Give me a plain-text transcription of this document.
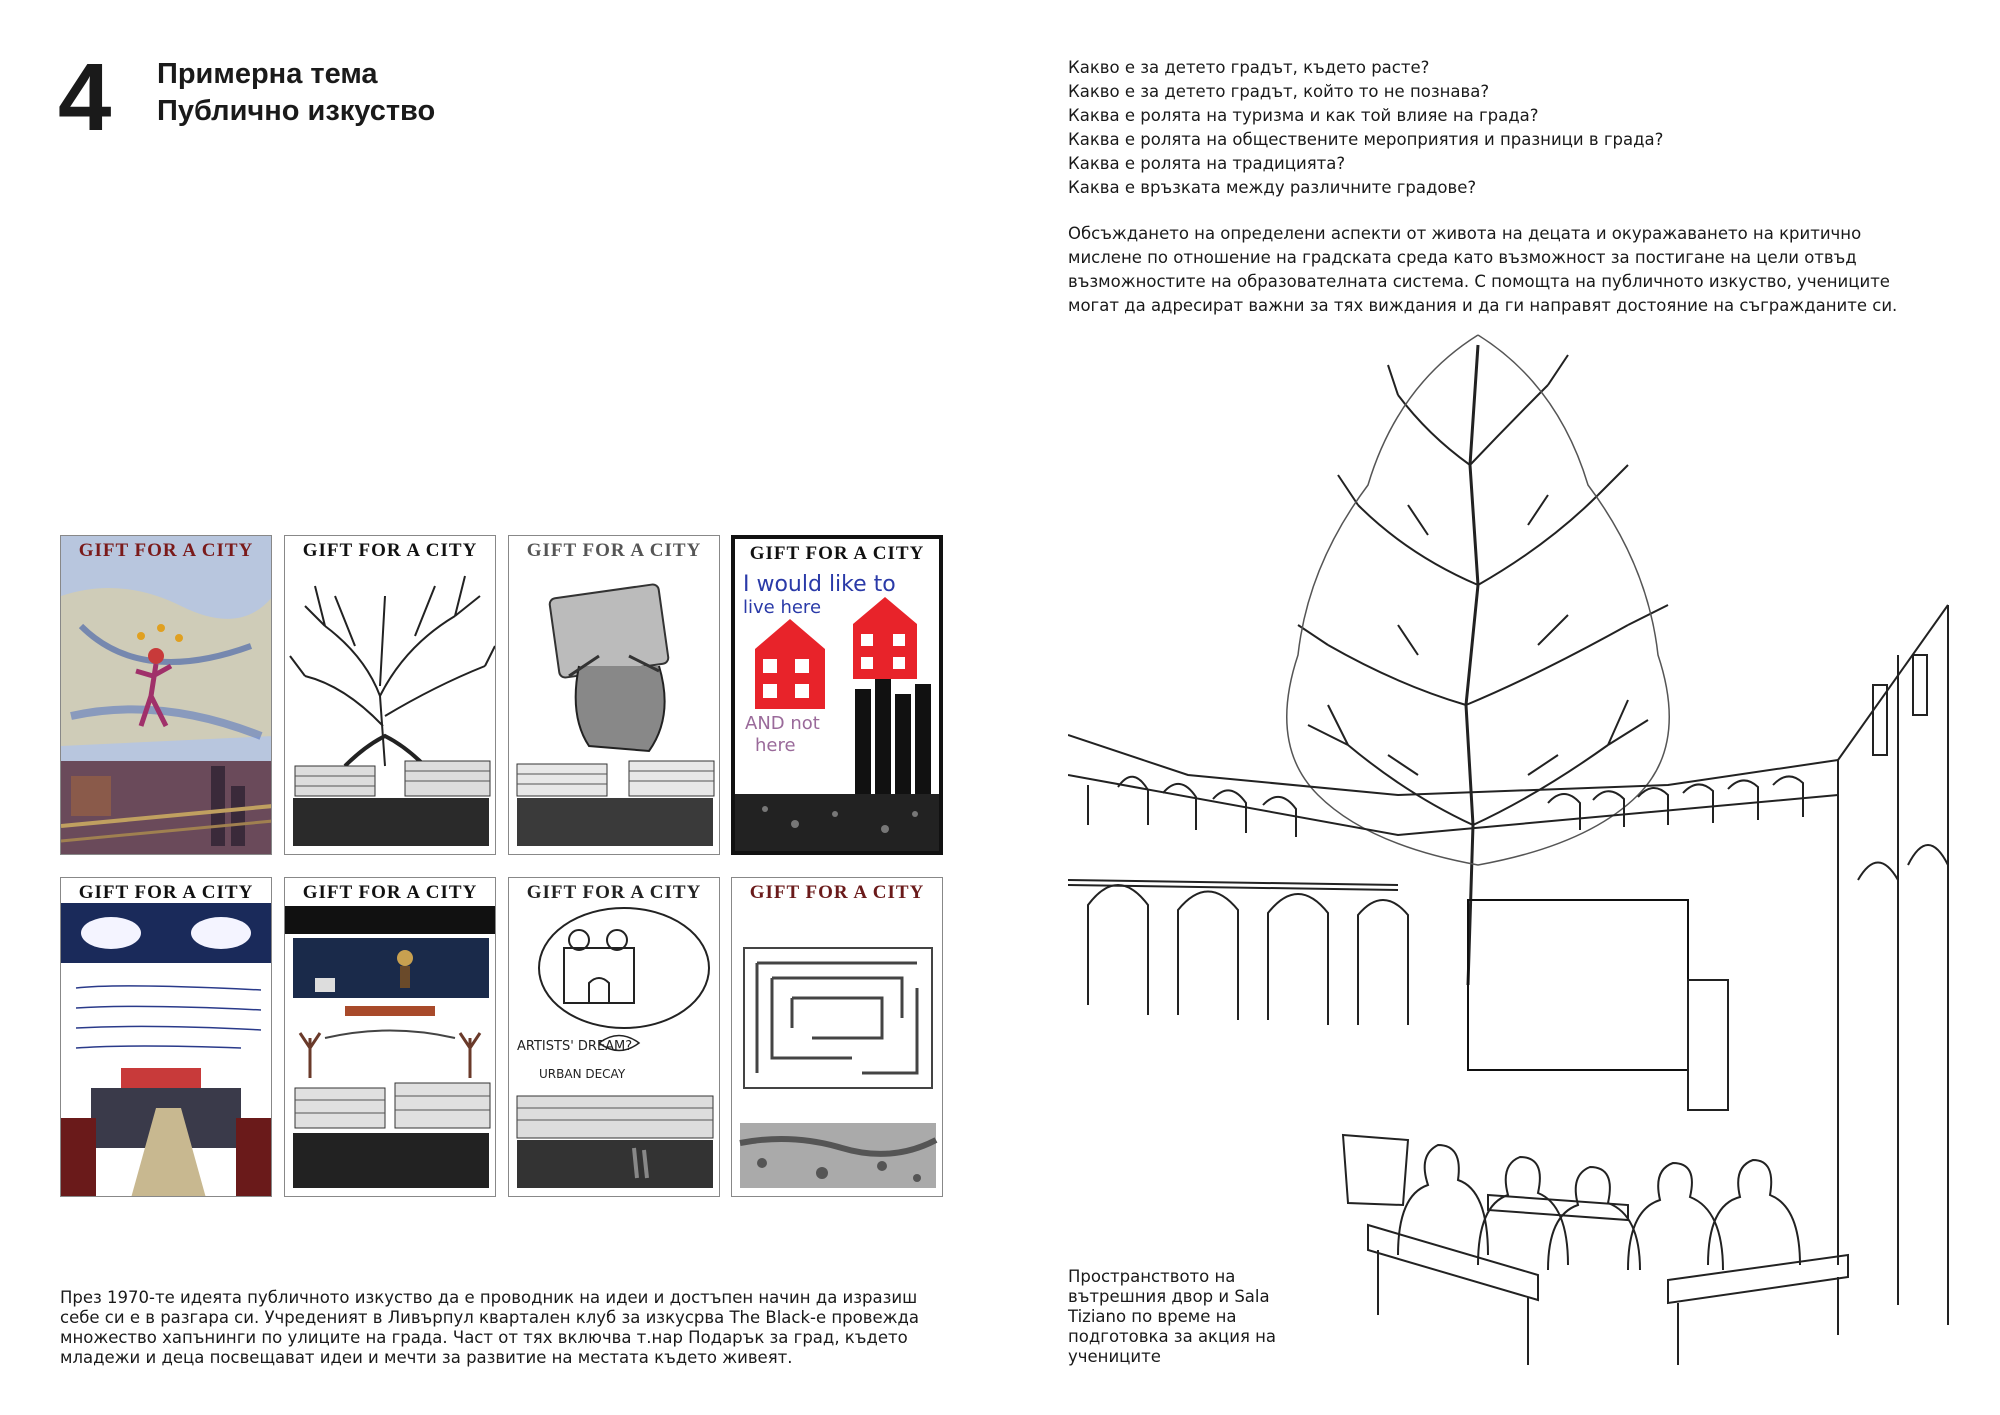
4 Примерна тема
Публично изкуство
Какво е за детето градът, където расте?
Какво е за детето градът, който то не познава?
Каква е ролята на туризма и как той влияе на града?
Каква е ролята на обществените мероприятия и празници в града?
Каква е ролята на традицията?
Каква е връзката между различните градове?
Обсъждането на определени аспекти от живота на децата и окуражаването на критично
мислене по отношение на градската среда като възможност за постигане на цели отвъд
възможностите на образователната система. С помощта на публичното изкуство, учениците
могат да адресират важни за тях виждания и да ги направят достояние на съгражданите си.
GIFT FOR A CITY	GIFT FOR A CITY	GIFT FOR A CITY	GIFT FOR A CITY
I would like to
live here
AND not
here
GIFT FOR A CITY	GIFT FOR A CITY	GIFT FOR A CITY
ARTISTS' DREAM?
URBAN DECAY
GIFT FOR A CITY
През 1970-те идеята публичното изкуство да е проводник на идеи и достъпен начин да изразиш
себе си е в разгара си. Учреденият в Ливърпул квартален клуб за изкусрва The Black-е провежда
множество хапънинги по улиците на града. Част от тях включва т.нар Подарък за град, където
младежи и деца посвещават идеи и мечти за развитие на местата където живеят.
Пространството на
вътрешния двор и Sala
Tiziano по време на
подготовка за акция на
учениците
